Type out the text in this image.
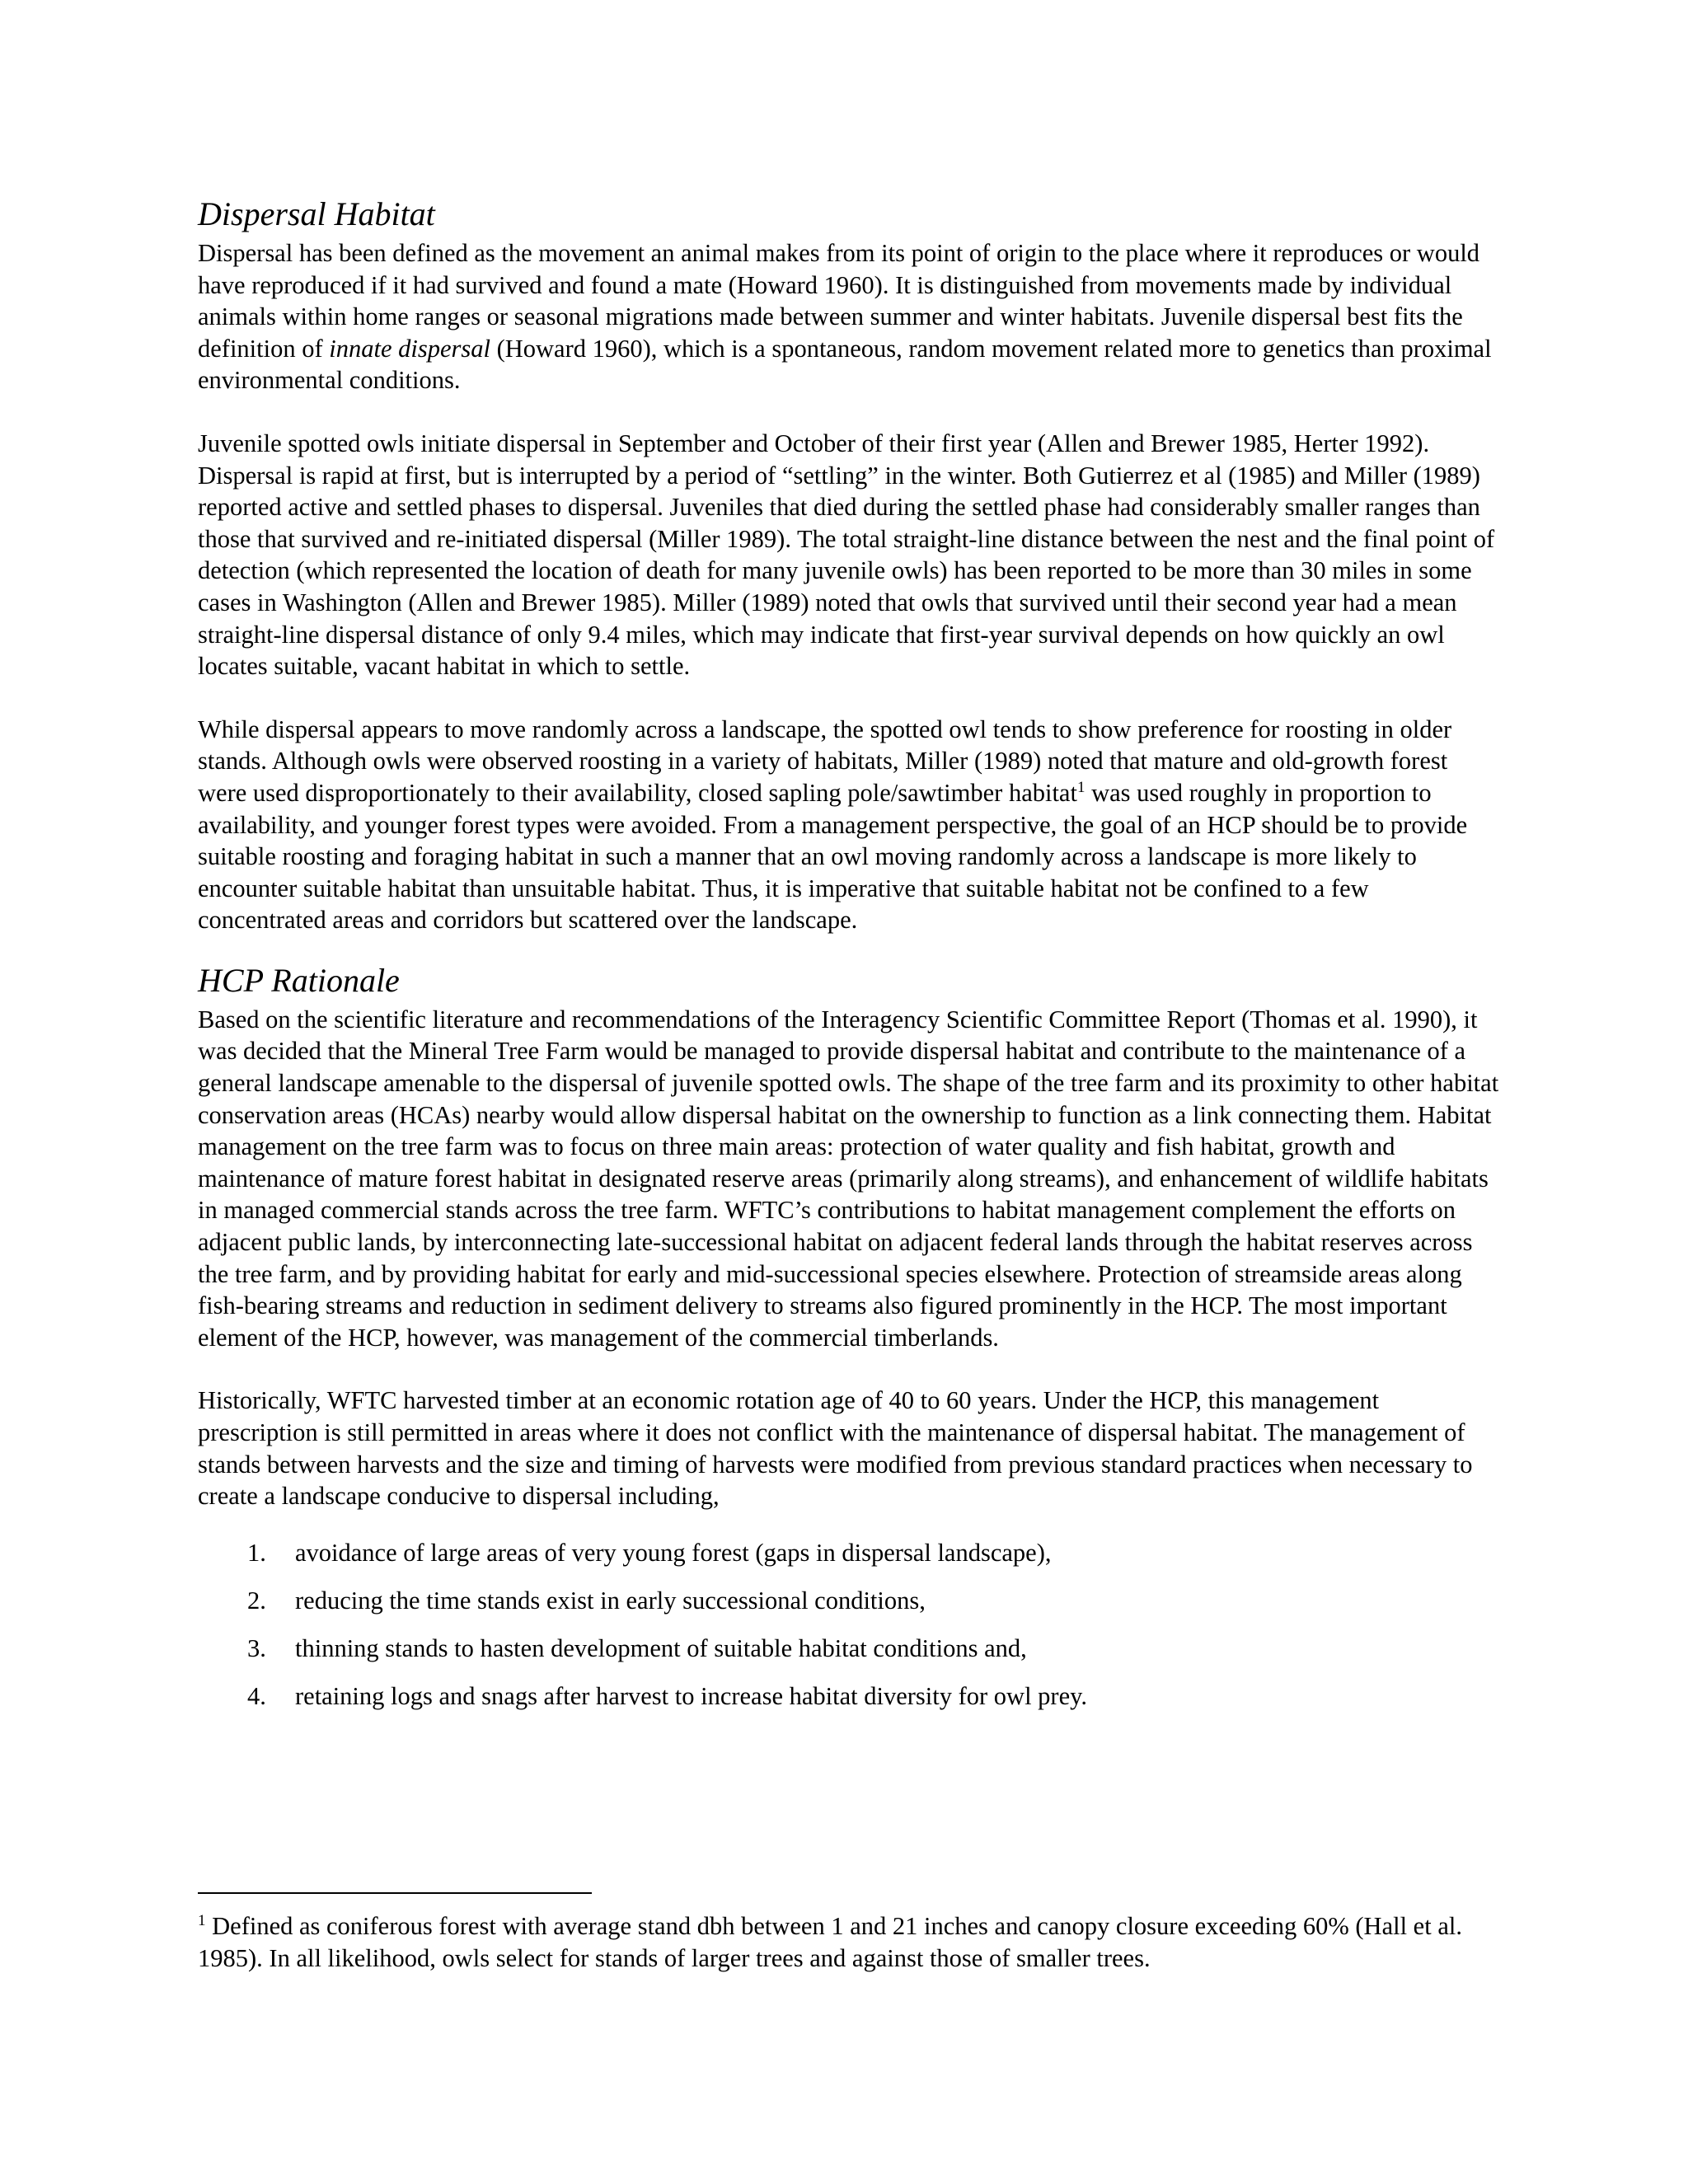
Dispersal Habitat

Dispersal has been defined as the movement an animal makes from its point of origin to the place where it reproduces or would have reproduced if it had survived and found a mate (Howard 1960). It is distinguished from movements made by individual animals within home ranges or seasonal migrations made between summer and winter habitats. Juvenile dispersal best fits the definition of innate dispersal (Howard 1960), which is a spontaneous, random movement related more to genetics than proximal environmental conditions.

Juvenile spotted owls initiate dispersal in September and October of their first year (Allen and Brewer 1985, Herter 1992). Dispersal is rapid at first, but is interrupted by a period of “settling” in the winter. Both Gutierrez et al (1985) and Miller (1989) reported active and settled phases to dispersal. Juveniles that died during the settled phase had considerably smaller ranges than those that survived and re-initiated dispersal (Miller 1989). The total straight-line distance between the nest and the final point of detection (which represented the location of death for many juvenile owls) has been reported to be more than 30 miles in some cases in Washington (Allen and Brewer 1985). Miller (1989) noted that owls that survived until their second year had a mean straight-line dispersal distance of only 9.4 miles, which may indicate that first-year survival depends on how quickly an owl locates suitable, vacant habitat in which to settle.

While dispersal appears to move randomly across a landscape, the spotted owl tends to show preference for roosting in older stands. Although owls were observed roosting in a variety of habitats, Miller (1989) noted that mature and old-growth forest were used disproportionately to their availability, closed sapling pole/sawtimber habitat$^1$ was used roughly in proportion to availability, and younger forest types were avoided. From a management perspective, the goal of an HCP should be to provide suitable roosting and foraging habitat in such a manner that an owl moving randomly across a landscape is more likely to encounter suitable habitat than unsuitable habitat. Thus, it is imperative that suitable habitat not be confined to a few concentrated areas and corridors but scattered over the landscape.

HCP Rationale

Based on the scientific literature and recommendations of the Interagency Scientific Committee Report (Thomas et al. 1990), it was decided that the Mineral Tree Farm would be managed to provide dispersal habitat and contribute to the maintenance of a general landscape amenable to the dispersal of juvenile spotted owls. The shape of the tree farm and its proximity to other habitat conservation areas (HCAs) nearby would allow dispersal habitat on the ownership to function as a link connecting them. Habitat management on the tree farm was to focus on three main areas: protection of water quality and fish habitat, growth and maintenance of mature forest habitat in designated reserve areas (primarily along streams), and enhancement of wildlife habitats in managed commercial stands across the tree farm. WFTC’s contributions to habitat management complement the efforts on adjacent public lands, by interconnecting late-successional habitat on adjacent federal lands through the habitat reserves across the tree farm, and by providing habitat for early and mid-successional species elsewhere. Protection of streamside areas along fish-bearing streams and reduction in sediment delivery to streams also figured prominently in the HCP. The most important element of the HCP, however, was management of the commercial timberlands.

Historically, WFTC harvested timber at an economic rotation age of 40 to 60 years. Under the HCP, this management prescription is still permitted in areas where it does not conflict with the maintenance of dispersal habitat. The management of stands between harvests and the size and timing of harvests were modified from previous standard practices when necessary to create a landscape conducive to dispersal including,

1. avoidance of large areas of very young forest (gaps in dispersal landscape),
2. reducing the time stands exist in early successional conditions,
3. thinning stands to hasten development of suitable habitat conditions and,
4. retaining logs and snags after harvest to increase habitat diversity for owl prey.

$^1$ Defined as coniferous forest with average stand dbh between 1 and 21 inches and canopy closure exceeding 60% (Hall et al. 1985). In all likelihood, owls select for stands of larger trees and against those of smaller trees.
